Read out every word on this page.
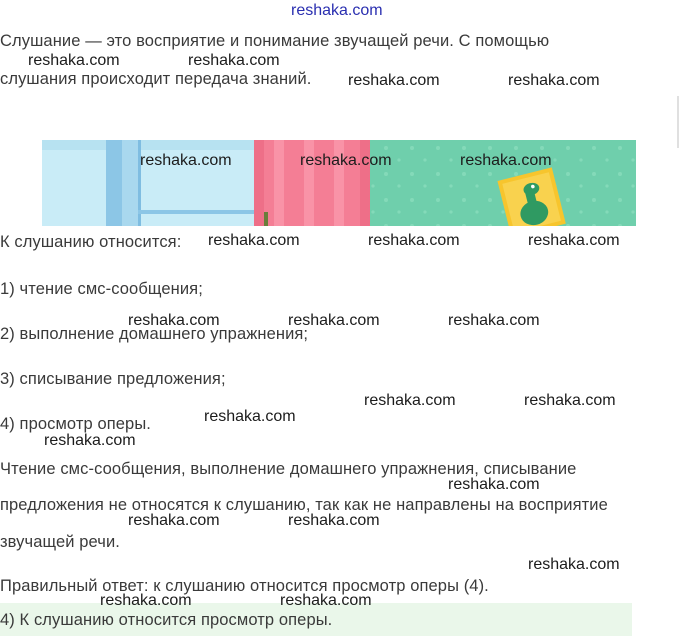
reshaka.com
Слушание — это восприятие и понимание звучащей речи. С помощью
слушания происходит передача знаний.
К слушанию относится:
1) чтение смс-сообщения;
2) выполнение домашнего упражнения;
3) списывание предложения;
4) просмотр оперы.
Чтение смс-сообщения, выполнение домашнего упражнения, списывание
предложения не относятся к слушанию, так как не направлены на восприятие
звучащей речи.
Правильный ответ: к слушанию относится просмотр оперы (4).
4) К слушанию относится просмотр оперы.
reshaka.com	reshaka.com
reshaka.com	reshaka.com
reshaka.com	reshaka.com	reshaka.com
reshaka.com	reshaka.com	reshaka.com
reshaka.com	reshaka.com	reshaka.com
reshaka.com	reshaka.com
reshaka.com
reshaka.com
reshaka.com
reshaka.com	reshaka.com
reshaka.com
reshaka.com	reshaka.com
